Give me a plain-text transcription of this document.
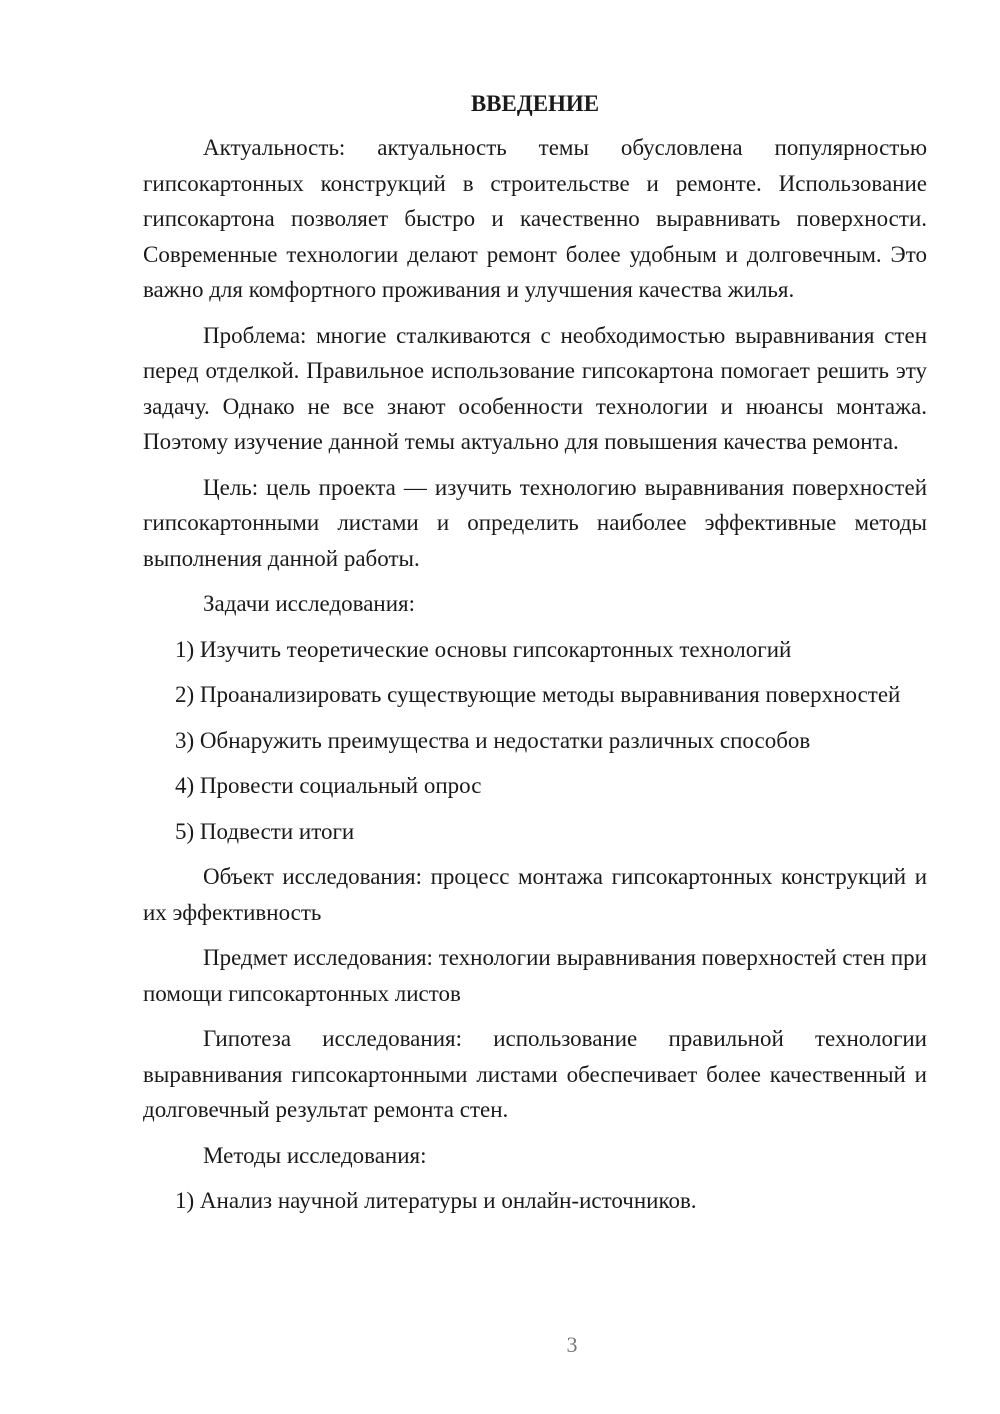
ВВЕДЕНИЕ

Актуальность: актуальность темы обусловлена популярностью гипсокартонных конструкций в строительстве и ремонте. Использование гипсокартона позволяет быстро и качественно выравнивать поверхности. Современные технологии делают ремонт более удобным и долговечным. Это важно для комфортного проживания и улучшения качества жилья.

Проблема: многие сталкиваются с необходимостью выравнивания стен перед отделкой. Правильное использование гипсокартона помогает решить эту задачу. Однако не все знают особенности технологии и нюансы монтажа. Поэтому изучение данной темы актуально для повышения качества ремонта.

Цель: цель проекта — изучить технологию выравнивания поверхностей гипсокартонными листами и определить наиболее эффективные методы выполнения данной работы.

Задачи исследования:

1) Изучить теоретические основы гипсокартонных технологий

2) Проанализировать существующие методы выравнивания поверхностей

3) Обнаружить преимущества и недостатки различных способов

4) Провести социальный опрос

5) Подвести итоги

Объект исследования: процесс монтажа гипсокартонных конструкций и их эффективность

Предмет исследования: технологии выравнивания поверхностей стен при помощи гипсокартонных листов

Гипотеза исследования: использование правильной технологии выравнивания гипсокартонными листами обеспечивает более качественный и долговечный результат ремонта стен.

Методы исследования:

1) Анализ научной литературы и онлайн-источников.

3
